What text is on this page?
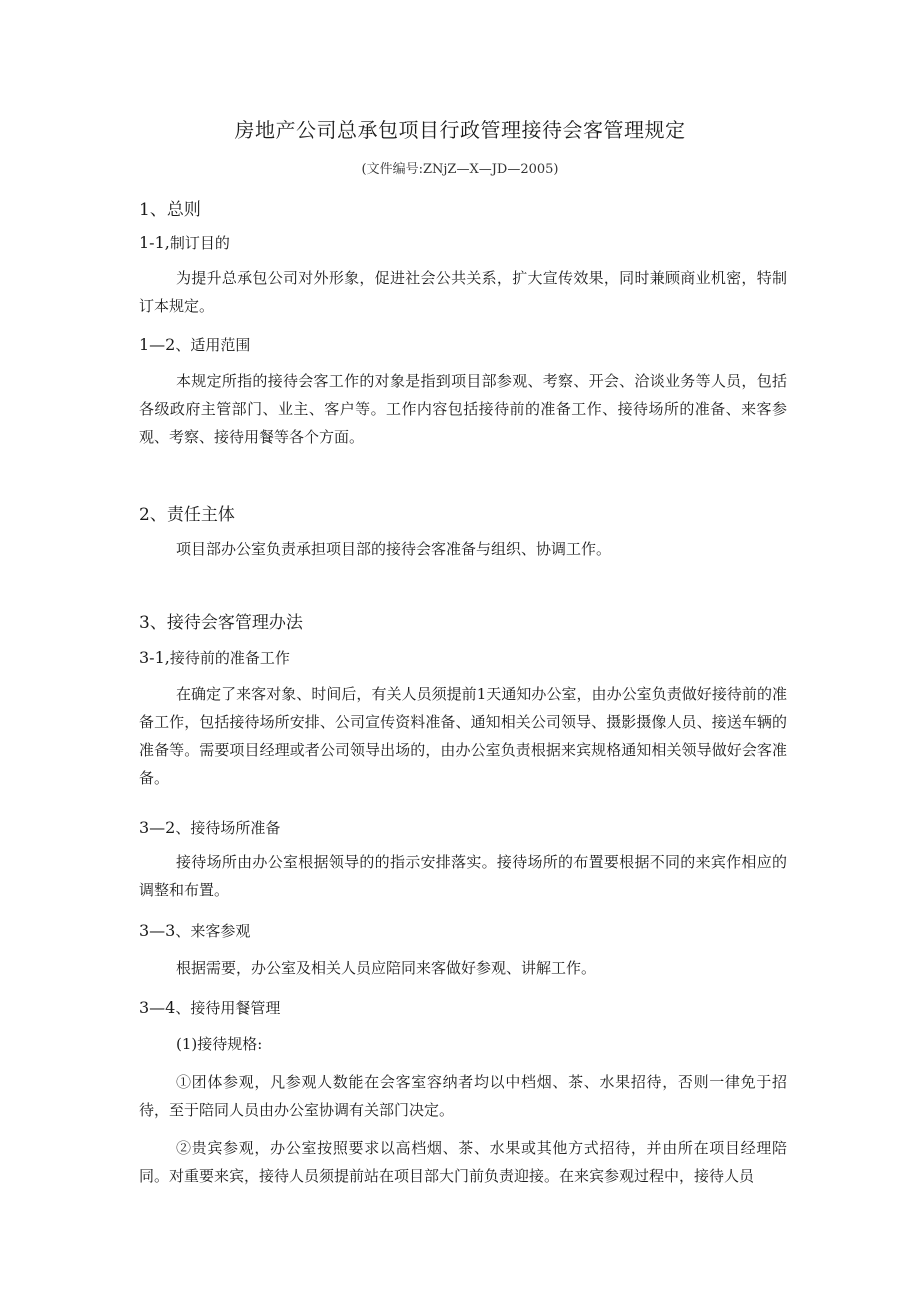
房地产公司总承包项目行政管理接待会客管理规定
(文件编号:ZNjZ—X—JD—2005)
1、总则
1-1,制订目的
为提升总承包公司对外形象，促进社会公共关系，扩大宣传效果，同时兼顾商业机密，特制订本规定。
1—2、适用范围
本规定所指的接待会客工作的对象是指到项目部参观、考察、开会、洽谈业务等人员，包括各级政府主管部门、业主、客户等。工作内容包括接待前的准备工作、接待场所的准备、来客参观、考察、接待用餐等各个方面。
2、责任主体
项目部办公室负责承担项目部的接待会客准备与组织、协调工作。
3、接待会客管理办法
3-1,接待前的准备工作
在确定了来客对象、时间后，有关人员须提前1天通知办公室，由办公室负责做好接待前的准备工作，包括接待场所安排、公司宣传资料准备、通知相关公司领导、摄影摄像人员、接送车辆的准备等。需要项目经理或者公司领导出场的，由办公室负责根据来宾规格通知相关领导做好会客准备。
3—2、接待场所准备
接待场所由办公室根据领导的的指示安排落实。接待场所的布置要根据不同的来宾作相应的调整和布置。
3—3、来客参观
根据需要，办公室及相关人员应陪同来客做好参观、讲解工作。
3—4、接待用餐管理
(1)接待规格:
①团体参观，凡参观人数能在会客室容纳者均以中档烟、茶、水果招待，否则一律免于招待，至于陪同人员由办公室协调有关部门决定。
②贵宾参观，办公室按照要求以高档烟、茶、水果或其他方式招待，并由所在项目经理陪同。对重要来宾，接待人员须提前站在项目部大门前负责迎接。在来宾参观过程中，接待人员
